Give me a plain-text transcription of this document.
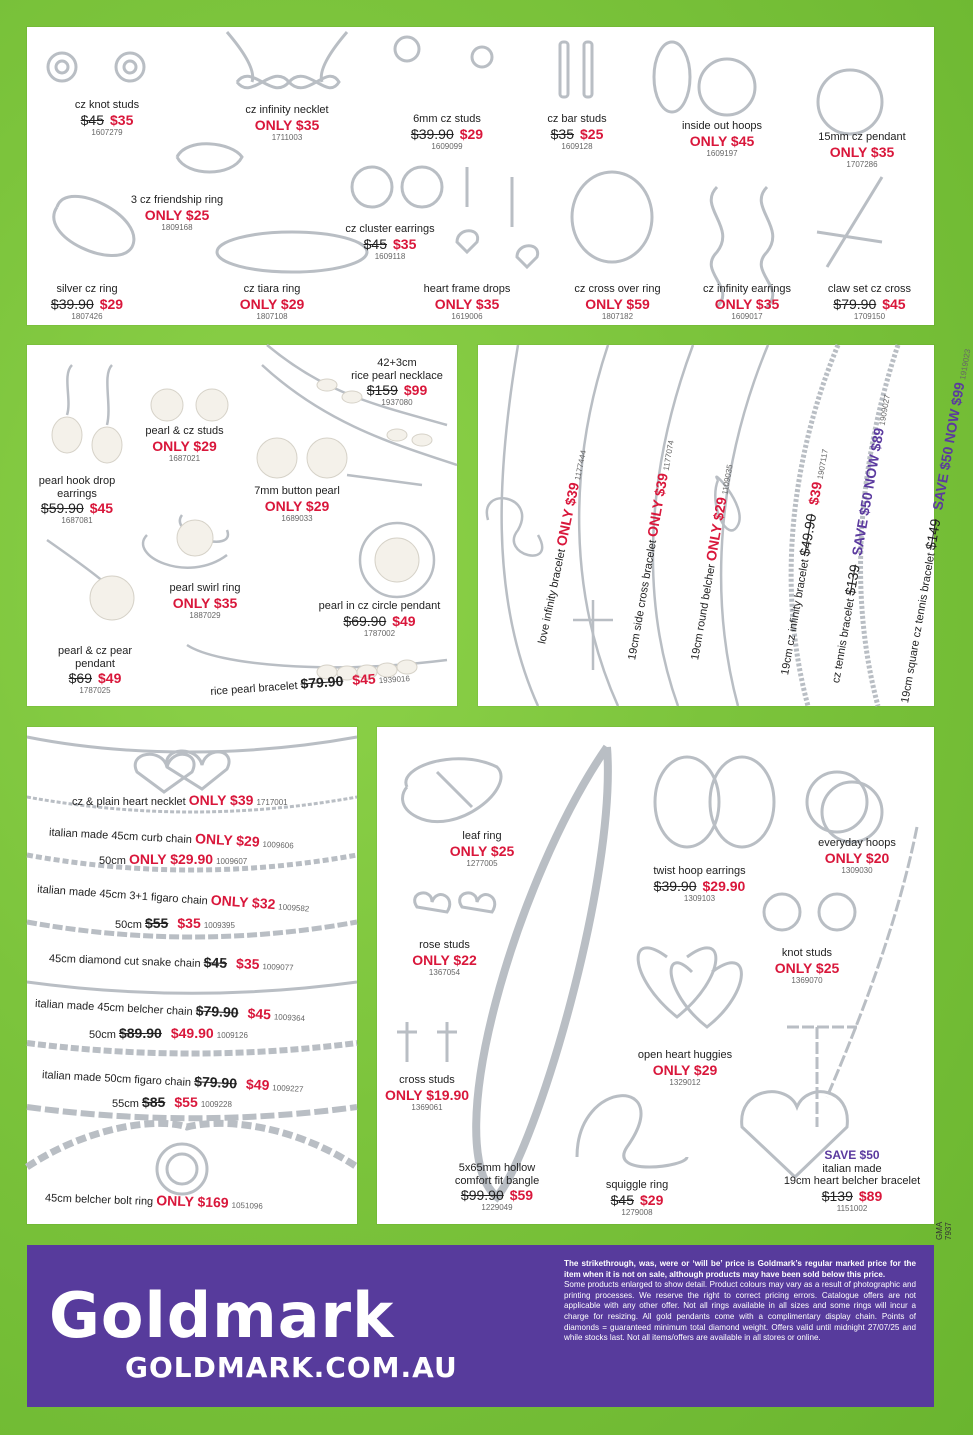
cz knot studs
$45 $35
1607279
cz infinity necklet
ONLY $35
1711003
6mm cz studs
$39.90 $29
1609099
cz bar studs
$35 $25
1609128
inside out hoops
ONLY $45
1609197
15mm cz pendant
ONLY $35
1707286
3 cz friendship ring
ONLY $25
1809168	cz cluster earrings
$45 $35
1609118
silver cz ring
$39.90 $29
1807426
cz tiara ring
ONLY $29
1807108
heart frame drops
ONLY $35
1619006
cz cross over ring
ONLY $59
1807182
cz infinity earrings
ONLY $35
1609017
claw set cz cross
$79.90 $45
1709150
42+3cm
rice pearl necklace
$159 $99
1937080
pearl & cz studs
ONLY $29
1687021
pearl hook drop
earrings
$59.90 $45
1687081
7mm button pearl
ONLY $29
1689033
pearl swirl ring
ONLY $35
1887029
pearl in cz circle pendant
$69.90 $49
1787002
pearl & cz pear
pendant
$69 $49
1787025	rice pearl bracelet $79.90 $45 1939016
love infinity bracelet ONLY $39 1177444
19cm side cross bracelet ONLY $39 1177074
19cm round belcher ONLY $29 1109035
19cm cz infinity bracelet $49.90 $39 1907117
cz tennis bracelet $139 SAVE $50 NOW $89 1909027
19cm square cz tennis bracelet $149 SAVE $50 NOW $99 1919023
cz & plain heart necklet ONLY $39 1717001
italian made 45cm curb chain ONLY $29 1009606
50cm ONLY $29.90 1009607
italian made 45cm 3+1 figaro chain ONLY $32 1009582
50cm $55 $35 1009395
45cm diamond cut snake chain $45 $35 1009077
italian made 45cm belcher chain $79.90 $45 1009364
50cm $89.90 $49.90 1009126
italian made 50cm figaro chain $79.90 $49 1009227
55cm $85 $55 1009228
45cm belcher bolt ring ONLY $169 1051096
leaf ring
ONLY $25
1277005
twist hoop earrings
$39.90 $29.90
1309103
everyday hoops
ONLY $20
1309030
rose studs
ONLY $22
1367054
knot studs
ONLY $25
1369070
open heart huggies
ONLY $29
1329012
cross studs
ONLY $19.90
1369061
5x65mm hollow
comfort fit bangle
$99.90 $59
1229049
squiggle ring
$45 $29
1279008
SAVE $50
italian made
19cm heart belcher bracelet
$139 $89
1151002
GMA 7937
Goldmark
GOLDMARK.COM.AU

The strikethrough, was, were or ‘will be’ price is Goldmark’s regular marked price for the item when it is not on sale, although products may have been sold below this price.

Some products enlarged to show detail. Product colours may vary as a result of photographic and printing processes. We reserve the right to correct pricing errors. Catalogue offers are not applicable with any other offer. Not all rings available in all sizes and some rings will incur a charge for resizing. All gold pendants come with a complimentary display chain. Points of diamonds = guaranteed minimum total diamond weight. Offers valid until midnight 27/07/25 and while stocks last. Not all items/offers are available in all stores or online.
